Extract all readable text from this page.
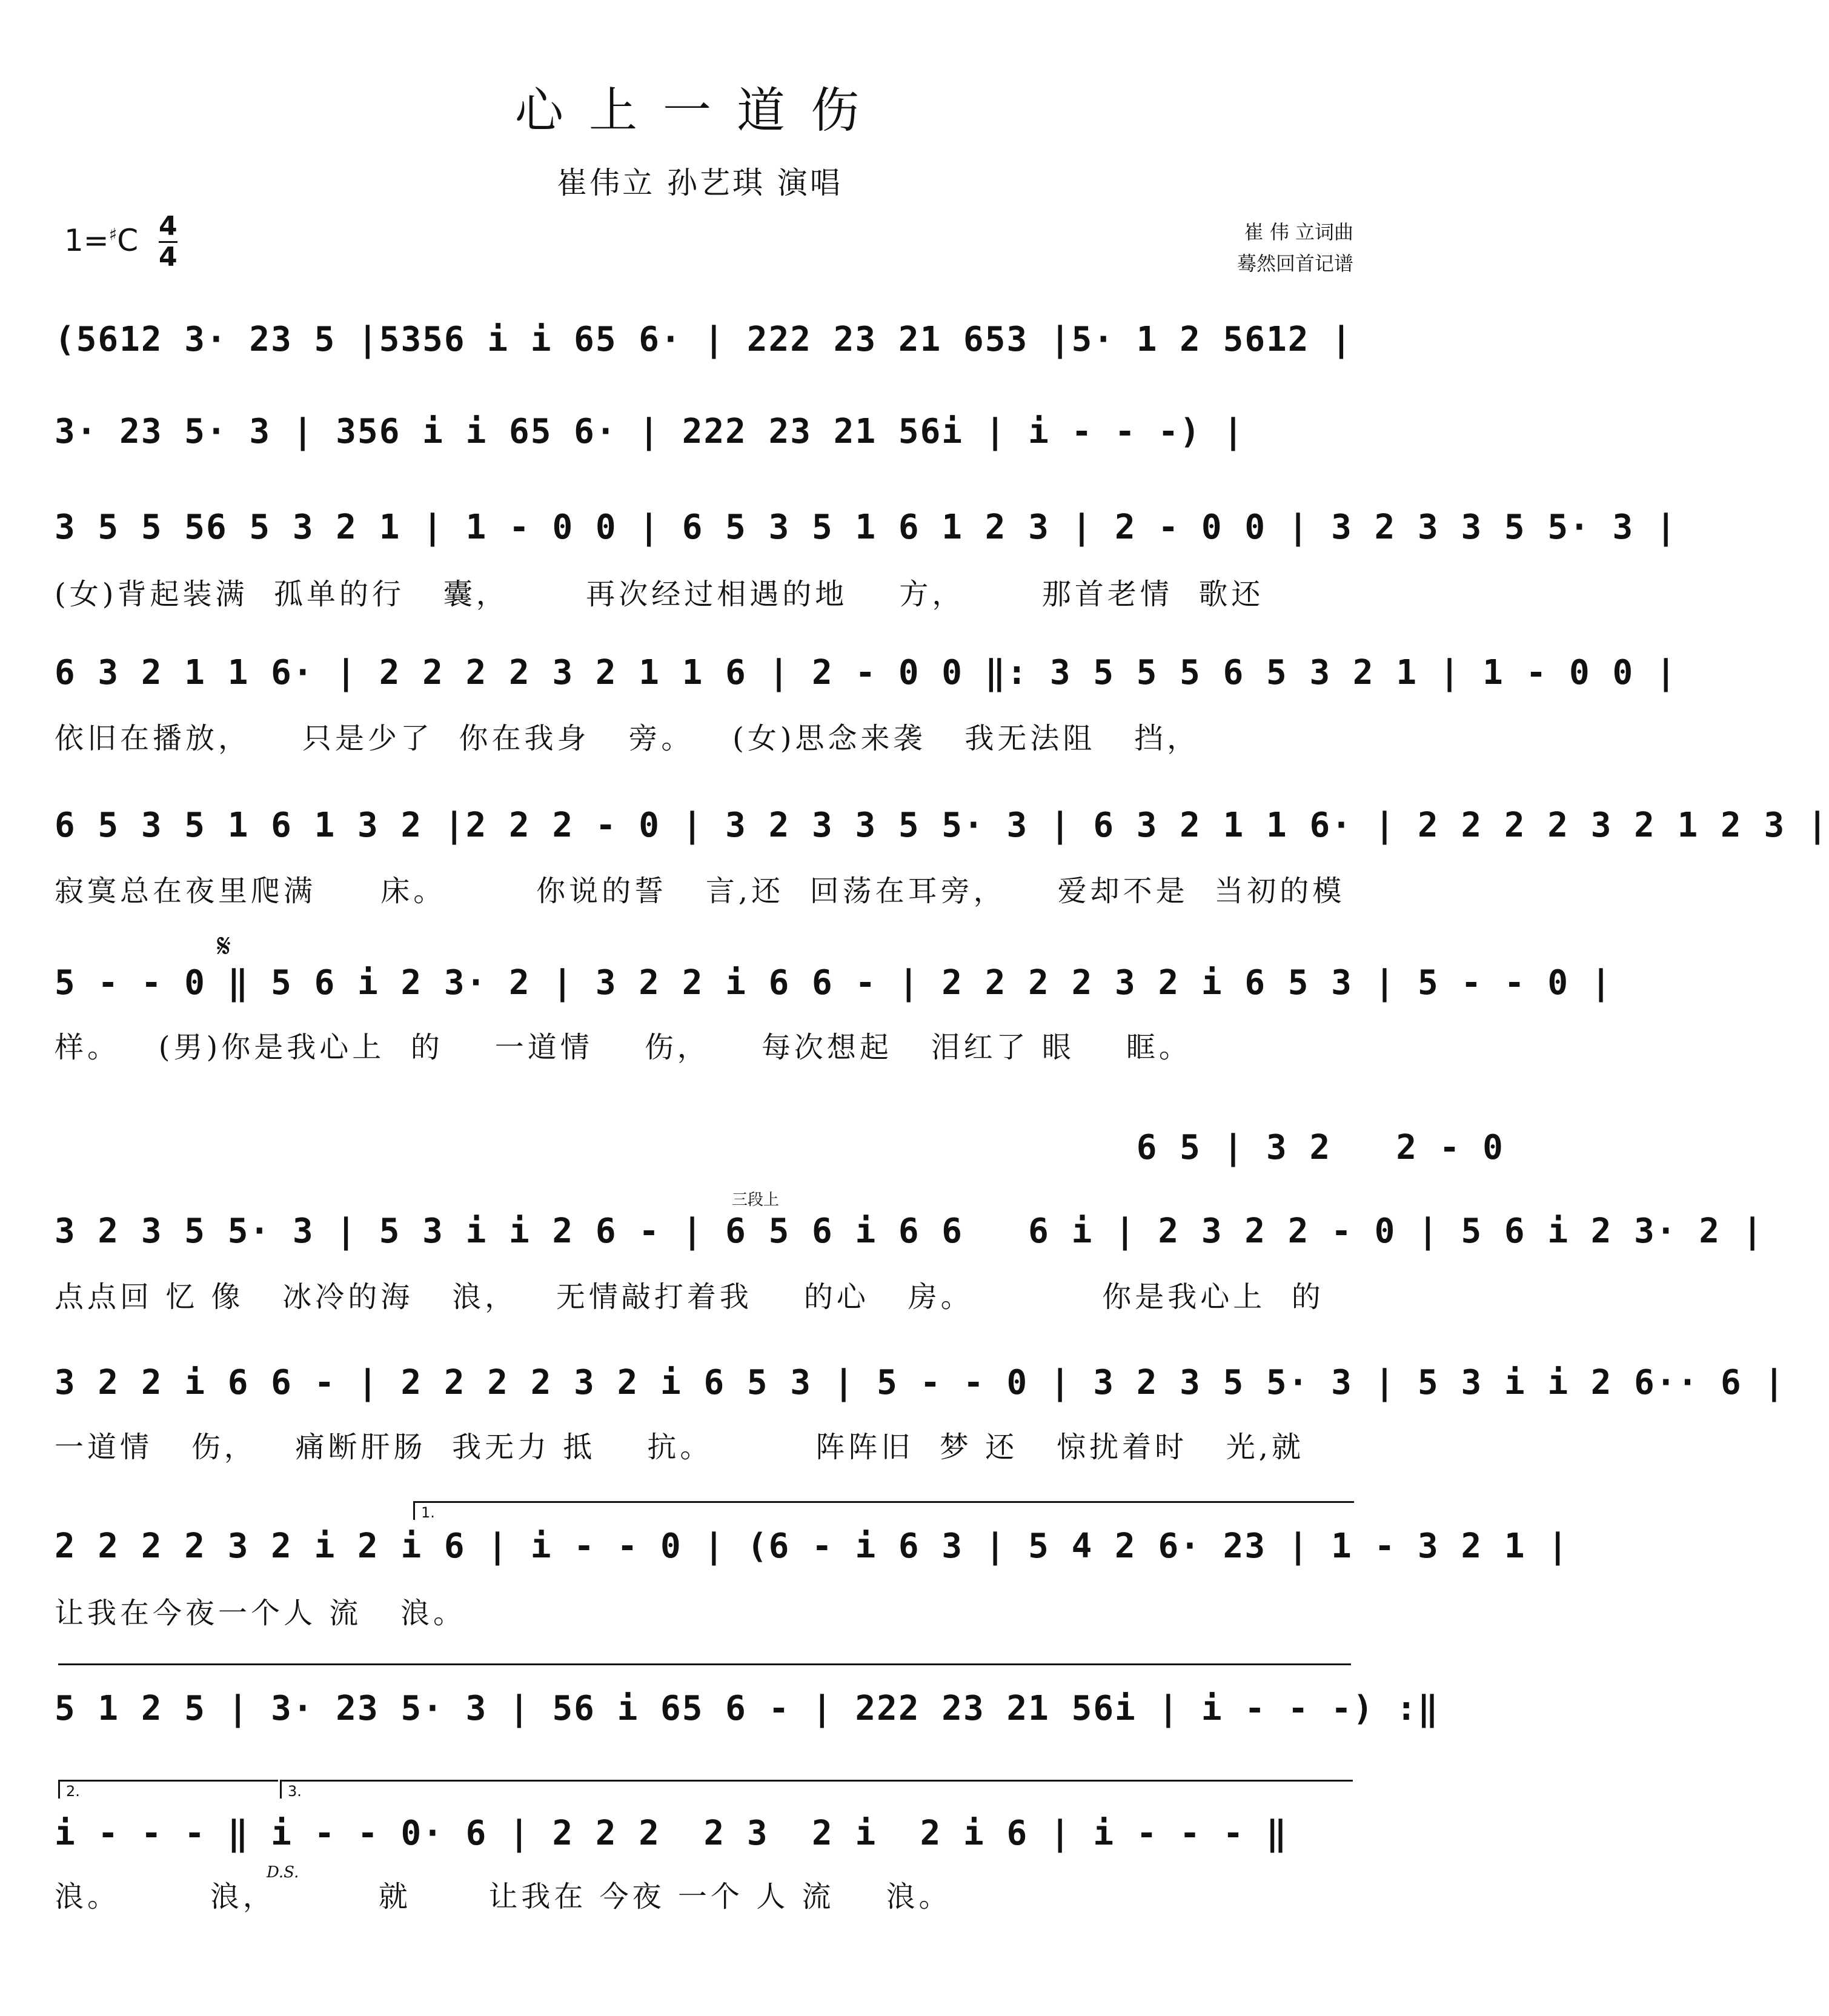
心上一道伤
崔伟立 孙艺琪 演唱
1=♯C 4
4
崔 伟 立词曲
蓦然回首记谱
(5612 3· 23 5 |5356 i i 65 6· | 222 23 21 653 |5· 1 2 5612 |
3· 23 5· 3 | 356 i i 65 6· | 222 23 21 56i | i - - -) |
3 5 5 56 5 3 2 1 | 1 - 0 0 | 6 5 3 5 1 6 1 2 3 | 2 - 0 0 | 3 2 3 3 5 5· 3 |
(女)背起装满  孤单的行   囊，      再次经过相遇的地    方，      那首老情  歌还
6 3 2 1 1 6· | 2 2 2 2 3 2 1 1 6 | 2 - 0 0 ‖: 3 5 5 5 6 5 3 2 1 | 1 - 0 0 |
依旧在播放，    只是少了  你在我身   旁。   (女)思念来袭   我无法阻   挡，
6 5 3 5 1 6 1 3 2 |2 2 2 - 0 | 3 2 3 3 5 5· 3 | 6 3 2 1 1 6· | 2 2 2 2 3 2 1 2 3 |
寂寞总在夜里爬满     床。       你说的誓   言,还  回荡在耳旁，    爱却不是  当初的模
𝄋
5 - - 0 ‖ 5 6 i 2 3· 2 | 3 2 2 i 6 6 - | 2 2 2 2 3 2 i 6 5 3 | 5 - - 0 |
样。   (男)你是我心上  的    一道情    伤，    每次想起   泪红了 眼    眶。
6 5 | 3 2   2 - 0
三段上
3 2 3 5 5· 3 | 5 3 i i 2 6 - | 6 5 6 i 6 6   6 i | 2 3 2 2 - 0 | 5 6 i 2 3· 2 |
点点回 忆 像   冰冷的海   浪，   无情敲打着我    的心   房。          你是我心上  的
3 2 2 i 6 6 - | 2 2 2 2 3 2 i 6 5 3 | 5 - - 0 | 3 2 3 5 5· 3 | 5 3 i i 2 6·· 6 |
一道情   伤，   痛断肝肠  我无力 抵    抗。        阵阵旧  梦 还   惊扰着时   光,就
1.
2 2 2 2 3 2 i 2 i 6 | i - - 0 | (6 - i 6 3 | 5 4 2 6· 23 | 1 - 3 2 1 |
让我在今夜一个人 流   浪。
5 1 2 5 | 3· 23 5· 3 | 56 i 65 6 - | 222 23 21 56i | i - - -) :‖
2.	3.
i - - - ‖ i - - 0· 6 | 2 2 2  2 3  2 i  2 i 6 | i - - - ‖
D.S.
浪。       浪，        就      让我在 今夜 一个 人 流    浪。
